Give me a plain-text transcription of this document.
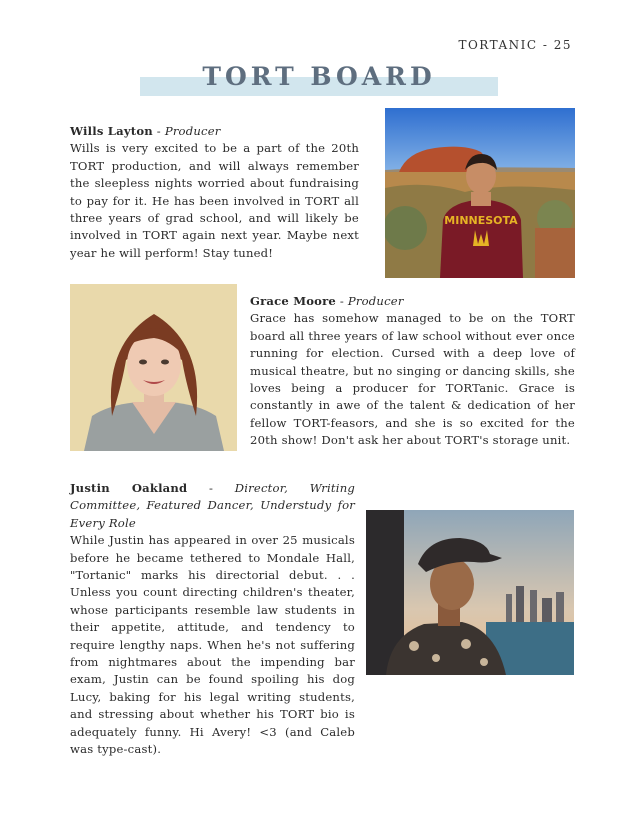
TORTANIC - 25
TORT BOARD

Wills Layton - Producer

Wills is very excited to be a part of the 20th TORT production, and will always remember the sleepless nights worried about fundraising to pay for it. He has been involved in TORT all three years of grad school, and will likely be involved in TORT again next year. Maybe next year he will perform! Stay tuned!

MINNESOTA

Grace Moore - Producer

Grace has somehow managed to be on the TORT board all three years of law school without ever once running for election. Cursed with a deep love of musical theatre, but no singing or dancing skills, she loves being a producer for TORTanic. Grace is constantly in awe of the talent & dedication of her fellow TORT-feasors, and she is so excited for the 20th show! Don't ask her about TORT's storage unit.

Justin Oakland - Director, Writing Committee, Featured Dancer, Understudy for Every Role

While Justin has appeared in over 25 musicals before he became tethered to Mondale Hall, "Tortanic" marks his directorial debut. . . Unless you count directing children's theater, whose participants resemble law students in their appetite, attitude, and tendency to require lengthy naps. When he's not suffering from nightmares about the impending bar exam, Justin can be found spoiling his dog Lucy, baking for his legal writing students, and stressing about whether his TORT bio is adequately funny. Hi Avery! <3 (and Caleb was type-cast).
